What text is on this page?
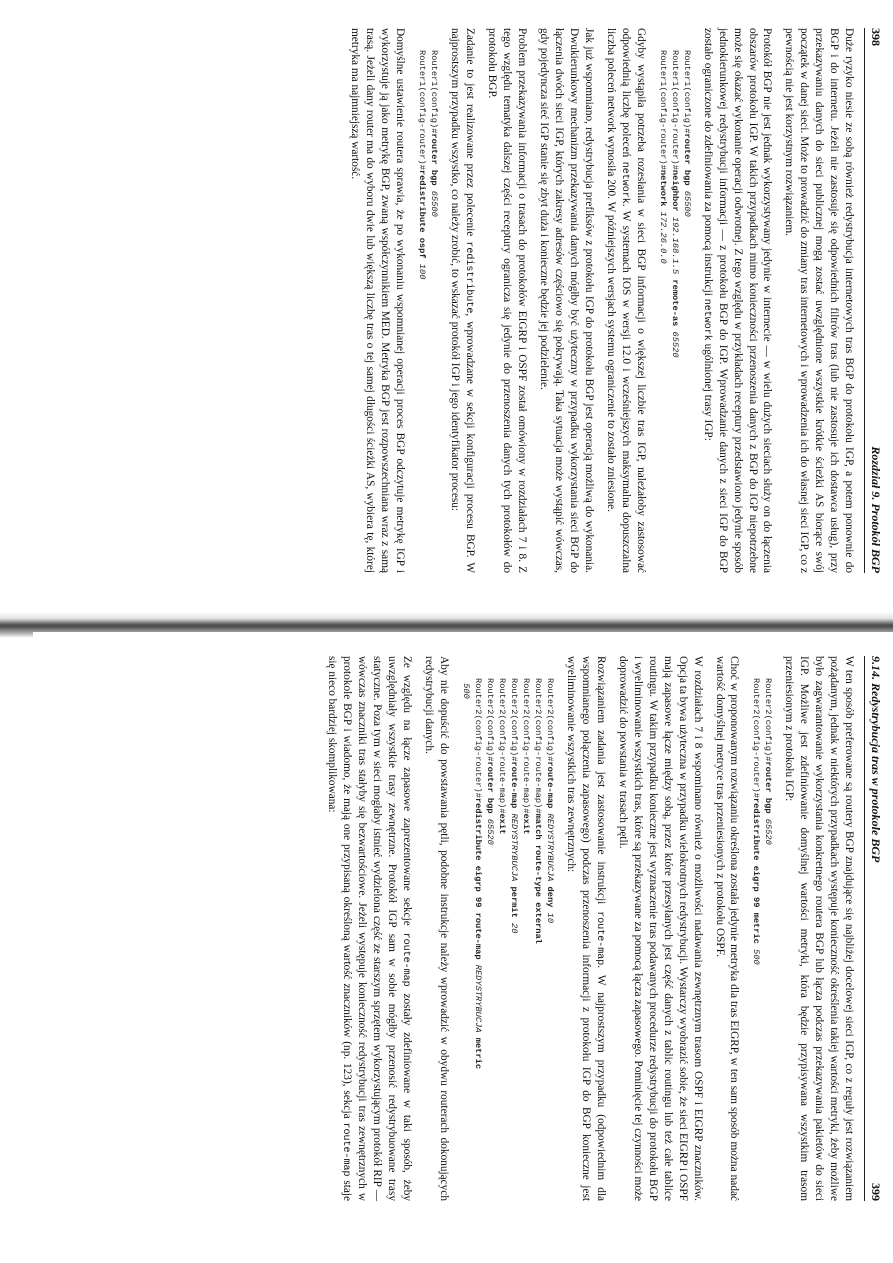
398
Rozdział 9. Protokół BGP

Duże ryzyko niesie ze sobą również redystrybucja internetowych tras BGP do protokołu IGP, a potem ponownie do BGP i do internetu. Jeżeli nie zastosuje się odpowiednich filtrów tras (lub nie zastosuje ich dostawca usług), przy przekazywaniu danych do sieci publicznej mogą zostać uwzględnione wszystkie krótkie ścieżki AS biorące swój początek w danej sieci. Może to prowadzić do zmiany tras internetowych i wprowadzenia ich do własnej sieci IGP, co z pewnością nie jest korzystnym rozwiązaniem.

Protokół BGP nie jest jednak wykorzystywany jedynie w internecie — w wielu dużych sieciach służy on do łączenia obszarów protokołu IGP. W takich przypadkach mimo konieczności przenoszenia danych z BGP do IGP niepotrzebne może się okazać wykonanie operacji odwrotnej. Z tego względu w przykładach receptury przedstawiono jedynie sposób jednokierunkowej redystrybucji informacji — z protokołu BGP do IGP. Wprowadzanie danych z sieci IGP do BGP zostało ograniczone do zdefiniowania za pomocą instrukcji network ugólnionej trasy IGP:

Router1(config)#router bgp 65500
Router1(config-router)#neighbor 192.168.1.5 remote-as 65520
Router1(config-router)#network 172.26.0.0

Gdyby wystąpiła potrzeba rozesłania w sieci BGP informacji o większej liczbie tras IGP, należałoby zastosować odpowiednią liczbę poleceń network. W systemach IOS w wersji 12.0 i wcześniejszych maksymalna dopuszczalna liczba poleceń network wynosiła 200. W późniejszych wersjach systemu ograniczenie to zostało zniesione.

Jak już wspomniano, redystrybucja prefiksów z protokołu IGP do protokołu BGP jest operacją możliwą do wykonania. Dwukierunkowy mechanizm przekazywania danych mógłby być użyteczny w przypadku wykorzystania sieci BGP do łączenia dwóch sieci IGP, których zakresy adresów częściowo się pokrywają. Taka sytuacja może wystąpić wówczas, gdy pojedyncza sieć IGP stanie się zbyt duża i konieczne będzie jej podzielenie.

Problem przekazywania informacji o trasach do protokołów EIGRP i OSPF został omówiony w rozdziałach 7 i 8. Z tego względu tematyka dalszej części receptury ogranicza się jedynie do przenoszenia danych tych protokołów do protokołu BGP.

Zadanie to jest realizowane przez polecenie redistribute, wprowadzane w sekcji konfiguracji procesu BGP. W najprostszym przypadku wszystko, co należy zrobić, to wskazać protokół IGP i jego identyfikator procesu:

Router1(config)#router bgp 65500
Router1(config-router)#redistribute ospf 100

Domyślne ustawienie routera sprawia, że po wykonaniu wspomnianej operacji proces BGP odczytuje metrykę IGP i wykorzystuje ją jako metrykę BGP, zwaną współczynnikiem MED. Metryka BGP jest rozpowszechniana wraz z samą trasą. Jeżeli dany router ma do wyboru dwie lub większą liczbę tras o tej samej długości ścieżki AS, wybiera tę, której metryka ma najmniejszą wartość.

9.14. Redystrybucja tras w protokole BGP
399

W ten sposób preferowane są routery BGP znajdujące się najbliżej docelowej sieci IGP, co z reguły jest rozwiązaniem pożądanym, jednak w niektórych przypadkach występuje konieczność określenia takiej wartości metryki, żeby możliwe było zagwarantowanie wykorzystania konkretnego routera BGP lub łącza podczas przekazywania pakietów do sieci IGP. Możliwe jest zdefiniowanie domyślnej wartości metryki, która będzie przypisywana wszystkim trasom przeniesionym z protokołu IGP:

Router2(config)#router bgp 65520
Router2(config-router)#redistribute eigrp 99 metric 500

Choć w proponowanym rozwiązaniu określona została jedynie metryka dla tras EIGRP, w ten sam sposób można nadać wartość domyślnej metryce tras przeniesionych z protokołu OSPF.

W rozdziałach 7 i 8 wspominano również o możliwości nadawania zewnętrznym trasom OSPF i EIGRP znaczników. Opcja ta bywa użyteczna w przypadku wielokrotnych redystrybucji. Wystarczy wyobrazić sobie, że sieci EIGRP i OSPF mają zapasowe łącze między sobą, przez które przesyłanych jest część danych z tablic routingu lub też całe tablice routingu. W takim przypadku konieczne jest wyznaczenie tras podawanych procedurze redystrybucji do protokołu BGP i wyeliminowanie wszystkich tras, które są przekazywane za pomocą łącza zapasowego. Pominięcie tej czynności może doprowadzić do powstania w trasach pętli.

Rozwiązaniem zadania jest zastosowanie instrukcji route-map. W najprostszym przypadku (odpowiednim dla wspomnianego połączenia zapasowego) podczas przenoszenia informacji z protokołu IGP do BGP konieczne jest wyeliminowanie wszystkich tras zewnętrznych:

Router2(config)#route-map REDYSTRYBUCJA deny 10
Router2(config-route-map)#match route-type external
Router2(config-route-map)#exit
Router2(config)#route-map REDYSTRYBUCJA permit 20
Router2(config-route-map)#exit
Router2(config)#router bgp 65520
Router2(config-router)#redistribute eigrp 99 route-map REDYSTRYBUCJA metric
500

Aby nie dopuścić do powstawania pętli, podobne instrukcje należy wprowadzić w obydwu routerach dokonujących redystrybucji danych.

Ze względu na łącze zapasowe zaprezentowane sekcje route-map zostały zdefiniowane w taki sposób, żeby uwzględniały wszystkie trasy zewnętrzne. Protokół IGP sam w sobie mógłby przenosić redystrybuowane trasy statyczne. Poza tym w sieci mogłaby istnieć wydzielona część ze starszym sprzętem wykorzystującym protokół RIP — wówczas znaczniki tras stałyby się bezwartościowe. Jeżeli występuje konieczność redystrybucji tras zewnętrznych w protokole BGP i wiadomo, że mają one przypisaną określoną wartość znaczników (np. 123), sekcja route-map staje się nieco bardziej skomplikowana:
